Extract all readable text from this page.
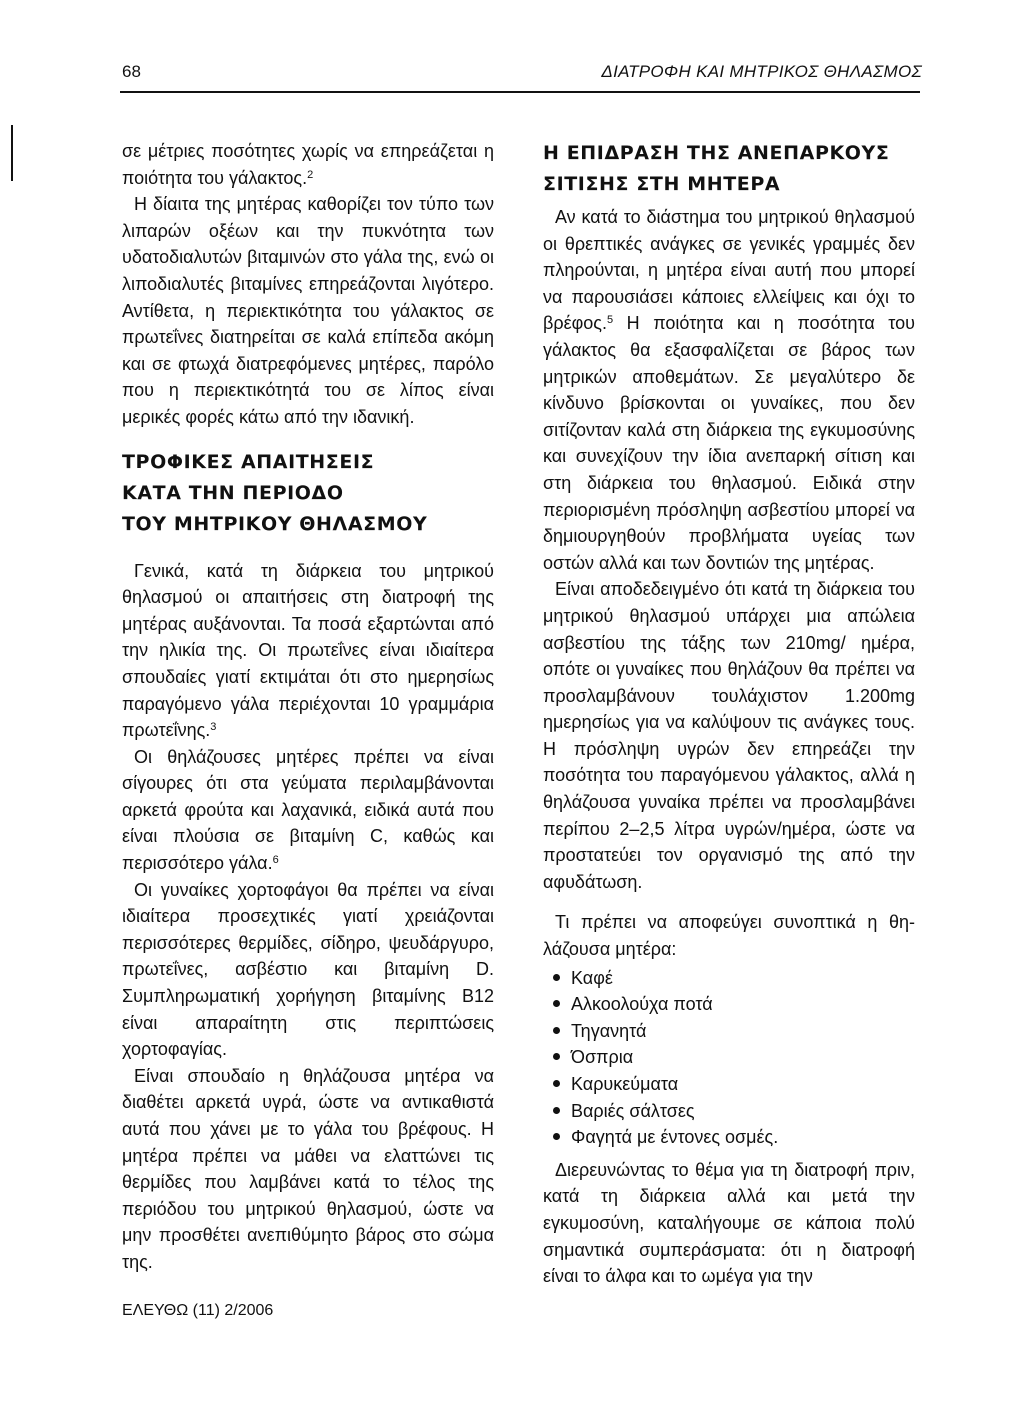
68	ΔΙΑΤΡΟΦΗ ΚΑΙ ΜΗΤΡΙΚΟΣ ΘΗΛΑΣΜΟΣ

σε μέτριες ποσότητες χωρίς να επηρεάζεται η ποιότητα του γάλακτος.$^2$

Η δίαιτα της μητέρας καθορίζει τον τύπο των λιπαρών οξέων και την πυκνότητα των υδατοδιαλυτών βιταμινών στο γάλα της, ενώ οι λιποδιαλυτές βιταμίνες επηρεάζονται λιγότερο. Αντίθετα, η περιεκτικότητα του γάλακτος σε πρωτεΐνες διατηρείται σε καλά επίπεδα ακόμη και σε φτωχά διατρεφόμενες μητέρες, παρόλο που η περιεκτικότητά του σε λίπος είναι μερικές φορές κάτω από την ιδανική.

ΤΡΟΦΙΚΕΣ ΑΠΑΙΤΗΣΕΙΣ
ΚΑΤΑ ΤΗΝ ΠΕΡΙΟΔΟ
ΤΟΥ ΜΗΤΡΙΚΟΥ ΘΗΛΑΣΜΟΥ

Γενικά, κατά τη διάρκεια του μητρικού θηλασμού οι απαιτήσεις στη διατροφή της μητέρας αυξάνονται. Τα ποσά εξαρτώνται από την ηλικία της. Οι πρωτεΐνες είναι ιδιαίτερα σπουδαίες γιατί εκτιμάται ότι στο ημερησίως παραγόμενο γάλα περιέχονται 10 γραμμάρια πρωτεΐνης.$^3$

Οι θηλάζουσες μητέρες πρέπει να είναι σίγουρες ότι στα γεύματα περιλαμβάνονται αρκετά φρούτα και λαχανικά, ειδικά αυτά που είναι πλούσια σε βιταμίνη C, καθώς και περισσότερο γάλα.$^6$

Οι γυναίκες χορτοφάγοι θα πρέπει να είναι ιδιαίτερα προσεχτικές γιατί χρειάζονται περισσότερες θερμίδες, σίδηρο, ψευδάργυρο, πρωτεΐνες, ασβέστιο και βιταμίνη D. Συμπληρωματική χορήγηση βιταμίνης Β12 είναι απαραίτητη στις περιπτώσεις χορτοφαγίας.

Είναι σπουδαίο η θηλάζουσα μητέρα να διαθέτει αρκετά υγρά, ώστε να αντικαθιστά αυτά που χάνει με το γάλα του βρέφους. Η μητέρα πρέπει να μάθει να ελαττώνει τις θερμίδες που λαμβάνει κατά το τέλος της περιόδου του μητρικού θηλασμού, ώστε να μην προσθέτει ανεπιθύμητο βάρος στο σώμα της.

Η ΕΠΙΔΡΑΣΗ ΤΗΣ ΑΝΕΠΑΡΚΟΥΣ
ΣΙΤΙΣΗΣ ΣΤΗ ΜΗΤΕΡΑ

Αν κατά το διάστημα του μητρικού θηλασμού οι θρεπτικές ανάγκες σε γενικές γραμμές δεν πληρούνται, η μητέρα είναι αυτή που μπορεί να παρουσιάσει κάποιες ελλείψεις και όχι το βρέφος.$^5$ Η ποιότητα και η ποσότητα του γάλακτος θα εξασφαλίζεται σε βάρος των μητρικών αποθεμάτων. Σε μεγαλύτερο δε κίνδυνο βρίσκονται οι γυναίκες, που δεν σιτίζονταν καλά στη διάρκεια της εγκυμοσύνης και συνεχίζουν την ίδια ανεπαρκή σίτιση και στη διάρκεια του θηλασμού. Ειδικά στην περιορισμένη πρόσληψη ασβεστίου μπορεί να δημιουργηθούν προβλήματα υγείας των οστών αλλά και των δοντιών της μητέρας.

Είναι αποδεδειγμένο ότι κατά τη διάρκεια του μητρικού θηλασμού υπάρχει μια απώλεια ασβεστίου της τάξης των 210mg/ ημέρα, οπότε οι γυναίκες που θηλάζουν θα πρέπει να προσλαμβάνουν τουλάχιστον 1.200mg ημερησίως για να καλύψουν τις ανάγκες τους. Η πρόσληψη υγρών δεν επηρεάζει την ποσότητα του παραγόμενου γάλακτος, αλλά η θηλάζουσα γυναίκα πρέπει να προσλαμβάνει περίπου 2–2,5 λίτρα υγρών/ημέρα, ώστε να προστατεύει τον οργανισμό της από την αφυδάτωση.

Τι πρέπει να αποφεύγει συνοπτικά η θηλάζουσα μητέρα:

Καφέ
Αλκοολούχα ποτά
Τηγανητά
Όσπρια
Καρυκεύματα
Βαριές σάλτσες
Φαγητά με έντονες οσμές.

Διερευνώντας το θέμα για τη διατροφή πριν, κατά τη διάρκεια αλλά και μετά την εγκυμοσύνη, καταλήγουμε σε κάποια πολύ σημαντικά συμπεράσματα: ότι η διατροφή είναι το άλφα και το ωμέγα για την

ΕΛΕΥΘΩ (11) 2/2006
